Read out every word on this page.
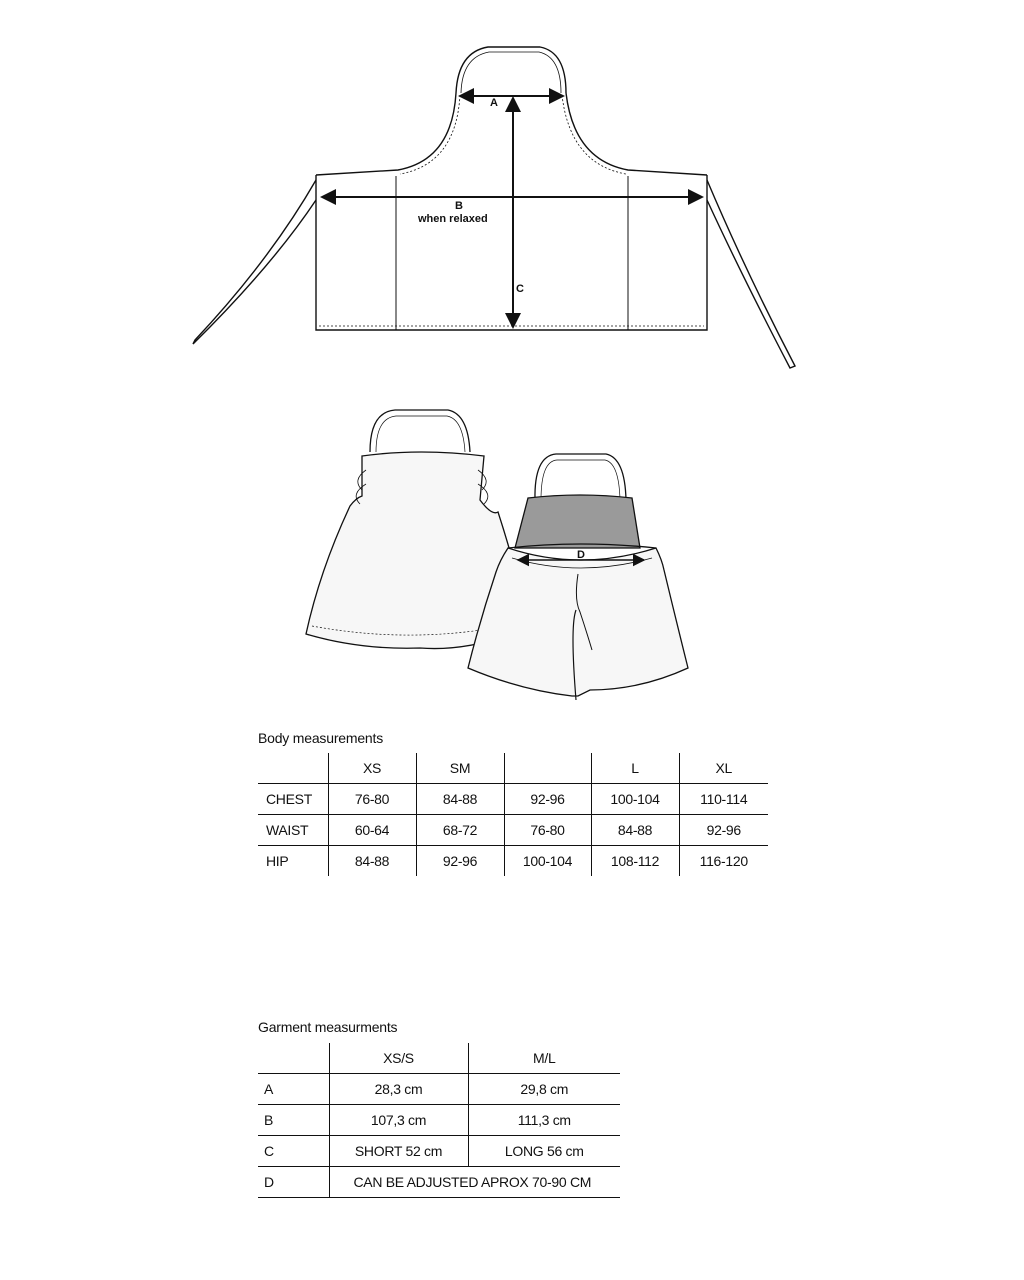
A
B
when relaxed
C
D
Body measurements
	XS	SM		L	XL
CHEST	76-80	84-88	92-96	100-104	110-114
WAIST	60-64	68-72	76-80	84-88	92-96
HIP	84-88	92-96	100-104	108-112	116-120
Garment measurments
	XS/S	M/L
A	28,3 cm	29,8 cm
B	107,3 cm	111,3 cm
C	SHORT 52 cm	LONG 56 cm
D	CAN BE ADJUSTED APROX 70-90 CM	
